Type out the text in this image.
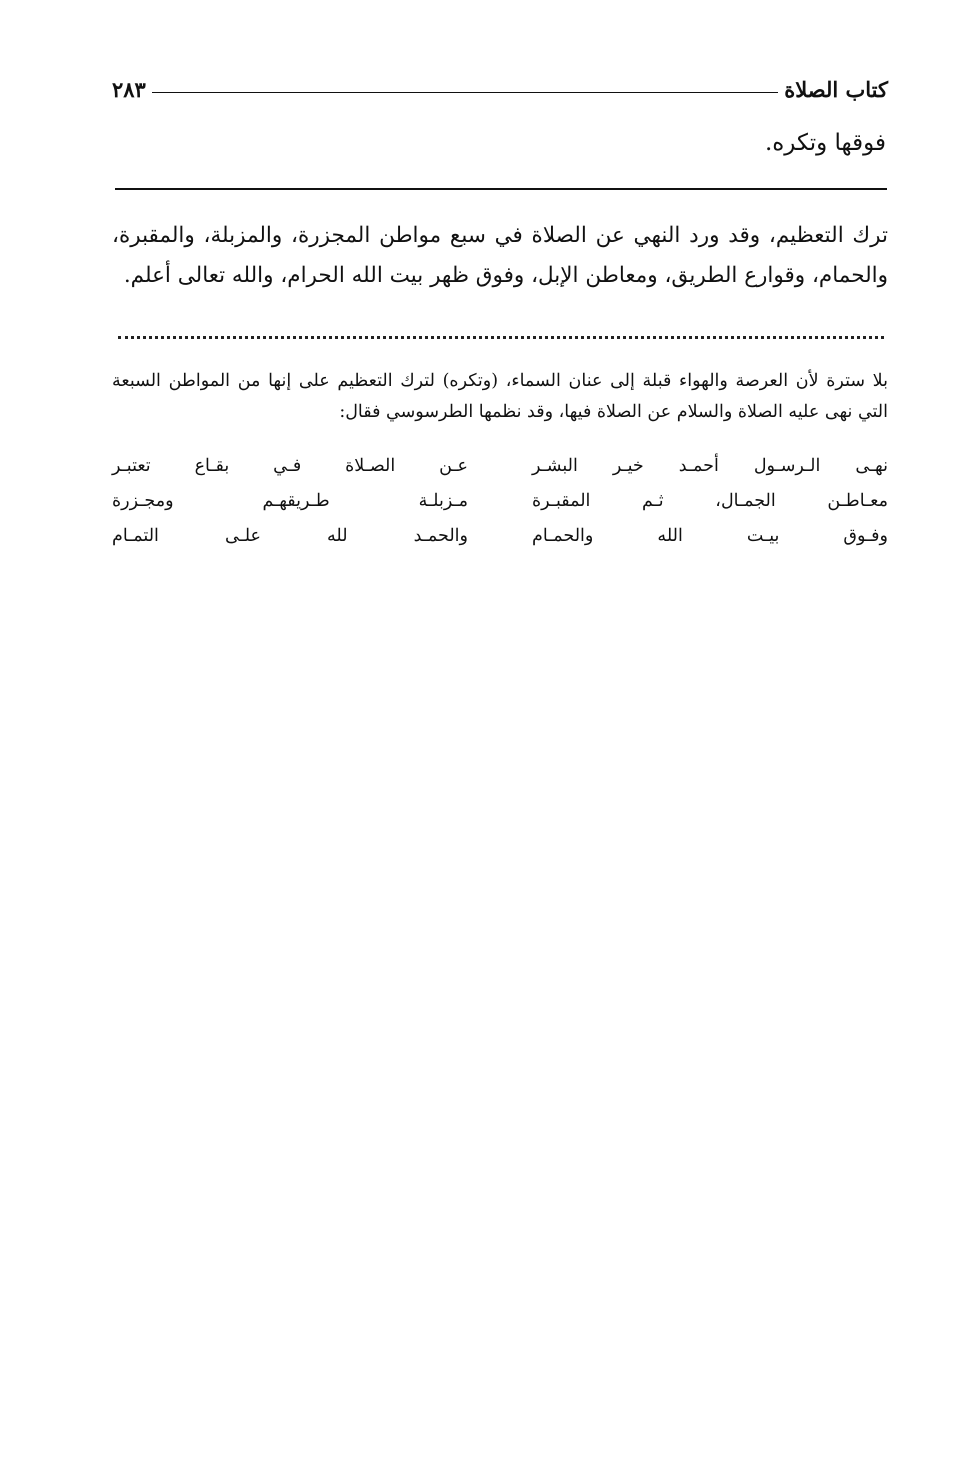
كتاب الصلاة
٢٨٣
فوقها وتكره.
ترك التعظيم، وقد ورد النهي عن الصلاة في سبع مواطن المجزرة، والمزبلة، والمقبرة،
والحمام، وقوارع الطريق، ومعاطن الإبل، وفوق ظهر بيت الله الحرام، والله تعالى أعلم.
بلا سترة لأن العرصة والهواء قبلة إلى عنان السماء، (وتكره) لترك التعظيم على إنها من المواطن السبعة
التي نهى عليه الصلاة والسلام عن الصلاة فيها، وقد نظمها الطرسوسي فقال:
نهـى الـرسـول أحمـد خيـر البشـر
عـن الصـلاة فـي بقـاع تعتبـر
معـاطـن الجمـال، ثـم المقبـرة
مـزبلـة طـريقهـم ومجـزرة
وفـوق بيـت الله والحمـام
والحمـد لله علـى التمـام
